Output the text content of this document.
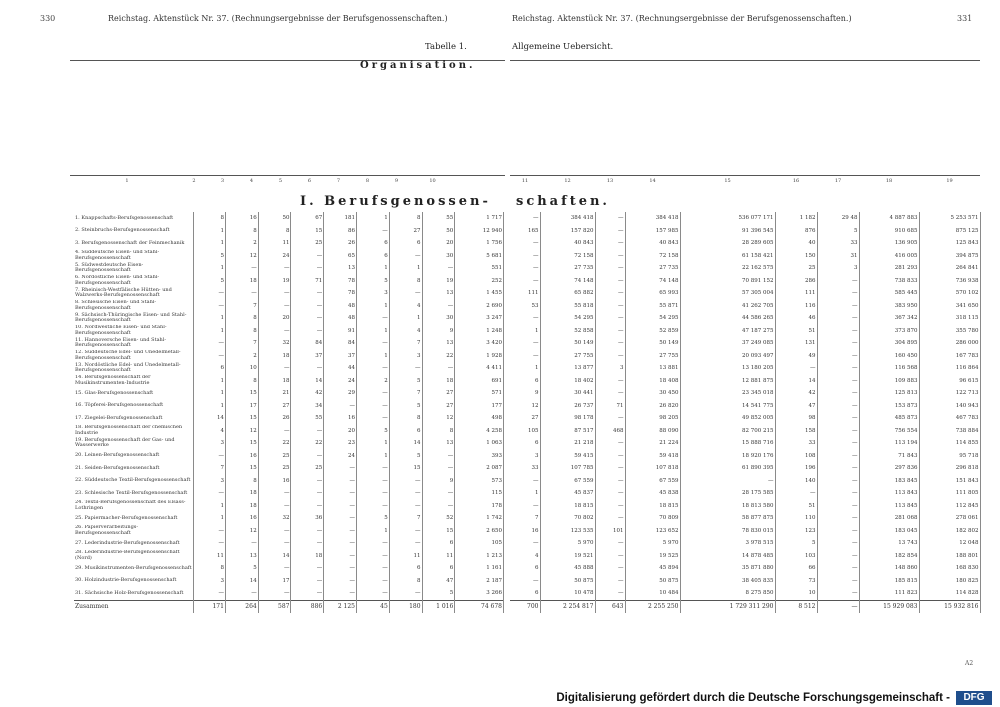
330	Reichstag. Aktenstück Nr. 37. (Rechnungsergebnisse der Berufsgenossenschaften.)
Tabelle 1.
Organisation.
I. Berufsgenossen-
1	2	3	4	5	6	7	8	9	10
1. Knappschafts-Berufsgenossenschaft	8	16	50	67	181	1	8	55	1 717
2. Steinbruchs-Berufsgenossenschaft	1	8	8	15	86	—	27	50	12 940
3. Berufsgenossenschaft der Feinmechanik	1	2	11	25	26	6	6	20	1 756
4. Süddeutsche Eisen- und Stahl-Berufsgenossenschaft	5	12	24	—	65	6	—	30	5 681
5. Südwestdeutsche Eisen-Berufsgenossenschaft	1	—	—	—	13	1	1	—	551
6. Nordöstliche Eisen- und Stahl-Berufsgenossenschaft	5	18	19	71	78	5	8	19	252
7. Rheinisch-Westfälische Hütten- und Walzwerks-Berufsgenossenschaft	—	—	—	—	78	3	—	13	1 455
8. Schlesische Eisen- und Stahl-Berufsgenossenschaft	—	7	—	—	48	1	4	—	2 690
9. Sächsisch-Thüringische Eisen- und Stahl-Berufsgenossenschaft	1	8	20	—	48	—	1	30	3 247
10. Nordwestliche Eisen- und Stahl-Berufsgenossenschaft	1	8	—	—	91	1	4	9	1 248
11. Hannoversche Eisen- und Stahl-Berufsgenossenschaft	—	7	32	84	84	—	7	13	3 420
12. Süddeutsche Edel- und Unedelmetall-Berufsgenossenschaft	—	2	18	37	37	1	3	22	1 928
13. Nordöstliche Edel- und Unedelmetall-Berufsgenossenschaft	6	10	—	—	44	—	—	—	4 411
14. Berufsgenossenschaft der Musikinstrumenten-Industrie	1	8	18	14	24	2	5	18	691
15. Glas-Berufsgenossenschaft	1	15	21	42	29	—	7	27	571
16. Töpferei-Berufsgenossenschaft	1	17	27	34	—	—	5	27	177
17. Ziegelei-Berufsgenossenschaft	14	15	26	55	16	—	8	12	498
18. Berufsgenossenschaft der chemischen Industrie	4	12	—	—	20	5	6	8	4 258
19. Berufsgenossenschaft der Gas- und Wasserwerke	3	15	22	22	23	1	14	13	1 063
20. Leinen-Berufsgenossenschaft	—	16	25	—	24	1	5	—	393
21. Seiden-Berufsgenossenschaft	7	15	25	25	—	—	15	—	2 087
22. Süddeutsche Textil-Berufsgenossenschaft	3	8	16	—	—	—	—	9	573
23. Schlesische Textil-Berufsgenossenschaft	—	18	—	—	—	—	—	—	115
24. Textil-Berufsgenossenschaft des Elsass-Lothringen	1	18	—	—	—	—	—	—	178
25. Papiermacher-Berufsgenossenschaft	1	16	32	36	—	5	7	52	1 742
26. Papierverarbeitungs-Berufsgenossenschaft	—	12	—	—	—	1	—	15	2 650
27. Lederindustrie-Berufsgenossenschaft	—	—	—	—	—	—	—	6	105
28. Lederindustrie-Berufsgenossenschaft (Nord)	11	13	14	18	—	—	11	11	1 213
29. Musikinstrumenten-Berufsgenossenschaft	8	5	—	—	—	—	6	6	1 161
30. Holzindustrie-Berufsgenossenschaft	3	14	17	—	—	—	8	47	2 187
31. Sächsische Holz-Berufsgenossenschaft	—	—	—	—	—	—	—	5	3 266
Zusammen	171	264	587	886	2 125	45	180	1 016	74 678
Reichstag. Aktenstück Nr. 37. (Rechnungsergebnisse der Berufsgenossenschaften.)	331
Allgemeine Uebersicht.
schaften.
11	12	13	14	15	16	17	18	19
—	384 418	—	384 418	536 077 171	1 182	29 48	4 887 883	5 253 571
165	157 820	—	157 985	91 396 545	876	5	910 685	875 125
—	40 843	—	40 843	28 289 605	40	33	136 905	125 843
—	72 158	—	72 158	61 158 421	150	31	416 005	394 875
—	27 735	—	27 735	22 162 575	25	3	281 293	264 841
—	74 148	—	74 148	70 891 152	286	—	738 833	736 938
111	65 882	—	65 993	57 305 004	111	—	585 445	570 102
53	55 818	—	55 871	41 262 705	116	—	383 950	341 650
—	54 295	—	54 295	44 586 265	46	—	367 342	318 115
1	52 858	—	52 859	47 187 275	51	—	373 870	355 780
—	50 149	—	50 149	37 249 085	131	—	304 895	286 000
—	27 755	—	27 755	20 093 497	49	—	160 450	167 783
1	13 877	3	13 881	13 180 205	—	—	116 568	116 864
6	18 402	—	18 408	12 881 875	14	—	109 883	96 615
9	30 441	—	30 450	23 345 018	42	—	125 813	122 713
12	26 737	71	26 820	14 541 775	47	—	153 873	140 943
27	98 178	—	98 205	49 852 005	98	—	485 873	467 783
105	87 517	468	88 090	82 700 215	158	—	756 554	738 884
6	21 218	—	21 224	15 888 716	33	—	113 194	114 855
3	59 415	—	59 418	18 920 176	108	—	71 843	95 718
33	107 785	—	107 818	61 890 395	196	—	297 836	296 818
—	67 559	—	67 559	—	140	—	183 845	151 843
1	45 837	—	45 838	28 175 585	—	—	113 843	111 805
—	18 815	—	18 815	18 813 580	51	—	113 845	112 845
7	70 802	—	70 809	58 877 875	110	—	281 068	278 061
16	123 535	101	123 652	78 830 015	123	—	183 045	182 802
—	5 970	—	5 970	3 978 515	5	—	13 743	12 048
4	19 521	—	19 525	14 878 485	103	—	182 854	188 801
6	45 888	—	45 894	35 871 880	66	—	148 860	168 830
—	50 875	—	50 875	38 405 835	73	—	185 815	180 825
6	10 478	—	10 484	8 275 850	10	—	111 823	114 828
700	2 254 817	643	2 255 250	1 729 311 290	8 512	—	15 929 083	15 932 816
A2
Digitalisierung gefördert durch die Deutsche Forschungsgemeinschaft -	DFG
